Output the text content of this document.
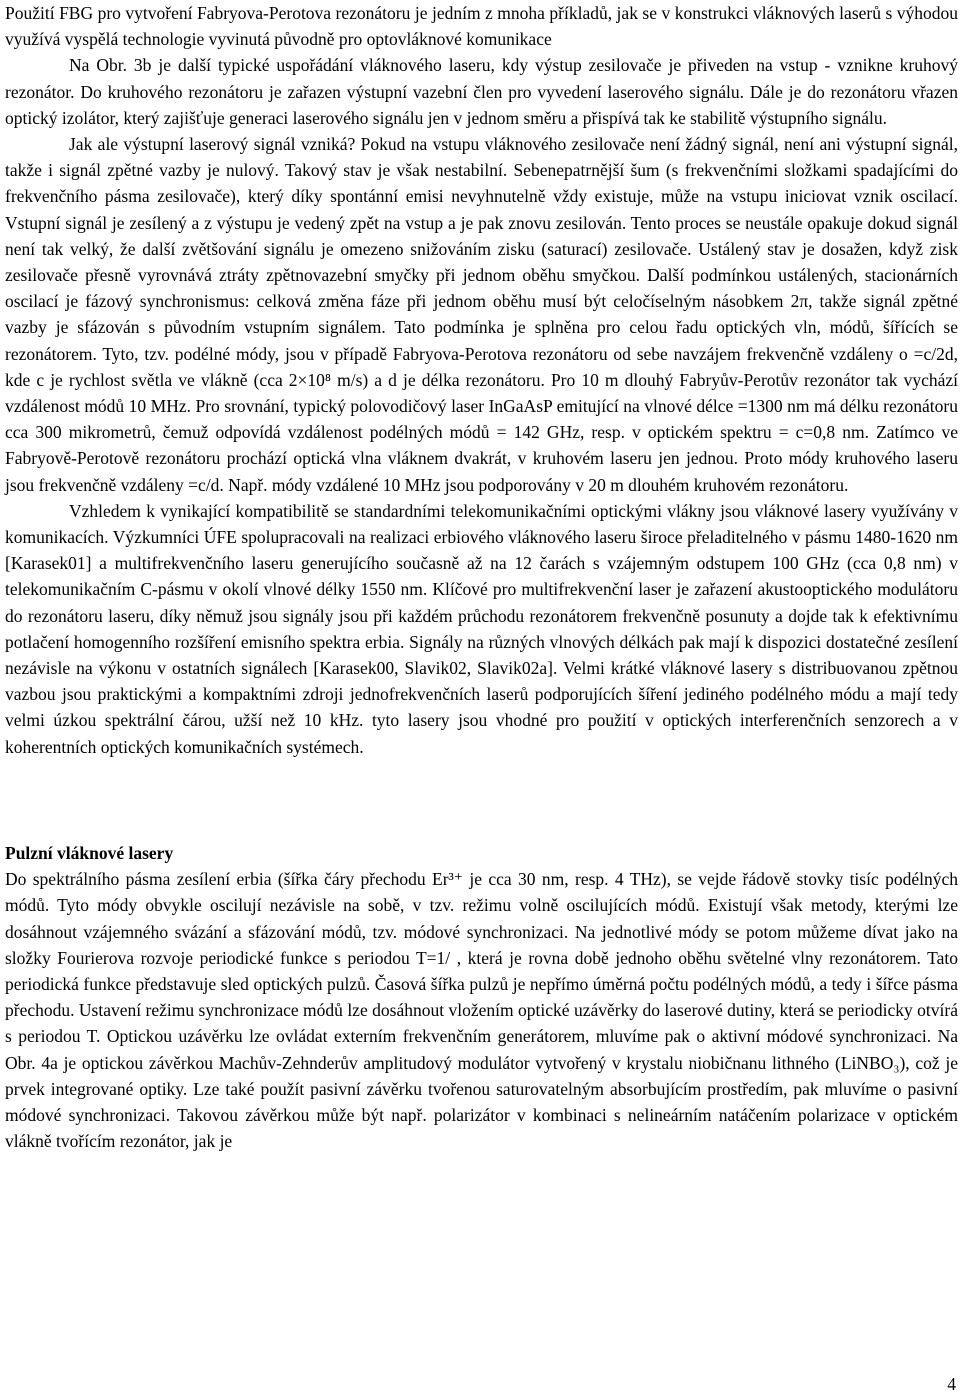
Použití FBG pro vytvoření Fabryova-Perotova rezonátoru je jedním z mnoha příkladů, jak se v konstrukci vláknových laserů s výhodou využívá vyspělá technologie vyvinutá původně pro optovláknové komunikace

Na Obr. 3b je další typické uspořádání vláknového laseru, kdy výstup zesilovače je přiveden na vstup - vznikne kruhový rezonátor. Do kruhového rezonátoru je zařazen výstupní vazební člen pro vyvedení laserového signálu. Dále je do rezonátoru vřazen optický izolátor, který zajišťuje generaci laserového signálu jen v jednom směru a přispívá tak ke stabilitě výstupního signálu.

Jak ale výstupní laserový signál vzniká? Pokud na vstupu vláknového zesilovače není žádný signál, není ani výstupní signál, takže i signál zpětné vazby je nulový. Takový stav je však nestabilní. Sebenepatrnější šum (s frekvenčními složkami spadajícími do frekvenčního pásma zesilovače), který díky spontánní emisi nevyhnutelně vždy existuje, může na vstupu iniciovat vznik oscilací. Vstupní signál je zesílený a z výstupu je vedený zpět na vstup a je pak znovu zesilován. Tento proces se neustále opakuje dokud signál není tak velký, že další zvětšování signálu je omezeno snižováním zisku (saturací) zesilovače. Ustálený stav je dosažen, když zisk zesilovače přesně vyrovnává ztráty zpětnovazební smyčky při jednom oběhu smyčkou. Další podmínkou ustálených, stacionárních oscilací je fázový synchronismus: celková změna fáze při jednom oběhu musí být celočíselným násobkem 2π, takže signál zpětné vazby je sfázován s původním vstupním signálem. Tato podmínka je splněna pro celou řadu optických vln, módů, šířících se rezonátorem. Tyto, tzv. podélné módy, jsou v případě Fabryova-Perotova rezonátoru od sebe navzájem frekvenčně vzdáleny o =c/2d, kde c je rychlost světla ve vlákně (cca 2×10⁸ m/s) a d je délka rezonátoru. Pro 10 m dlouhý Fabryův-Perotův rezonátor tak vychází vzdálenost módů 10 MHz. Pro srovnání, typický polovodičový laser InGaAsP emitující na vlnové délce =1300 nm má délku rezonátoru cca 300 mikrometrů, čemuž odpovídá vzdálenost podélných módů = 142 GHz, resp. v optickém spektru = c=0,8 nm. Zatímco ve Fabryově-Perotově rezonátoru prochází optická vlna vláknem dvakrát, v kruhovém laseru jen jednou. Proto módy kruhového laseru jsou frekvenčně vzdáleny =c/d. Např. módy vzdálené 10 MHz jsou podporovány v 20 m dlouhém kruhovém rezonátoru.

Vzhledem k vynikající kompatibilitě se standardními telekomunikačními optickými vlákny jsou vláknové lasery využívány v komunikacích. Výzkumníci ÚFE spolupracovali na realizaci erbiového vláknového laseru široce přeladitelného v pásmu 1480-1620 nm [Karasek01] a multifrekvenčního laseru generujícího současně až na 12 čarách s vzájemným odstupem 100 GHz (cca 0,8 nm) v telekomunikačním C-pásmu v okolí vlnové délky 1550 nm. Klíčové pro multifrekvenční laser je zařazení akustooptického modulátoru do rezonátoru laseru, díky němuž jsou signály jsou při každém průchodu rezonátorem frekvenčně posunuty a dojde tak k efektivnímu potlačení homogenního rozšíření emisního spektra erbia. Signály na různých vlnových délkách pak mají k dispozici dostatečné zesílení nezávisle na výkonu v ostatních signálech [Karasek00, Slavik02, Slavik02a]. Velmi krátké vláknové lasery s distribuovanou zpětnou vazbou jsou praktickými a kompaktními zdroji jednofrekvenčních laserů podporujících šíření jediného podélného módu a mají tedy velmi úzkou spektrální čárou, užší než 10 kHz. tyto lasery jsou vhodné pro použití v optických interferenčních senzorech a v koherentních optických komunikačních systémech.

Pulzní vláknové lasery

Do spektrálního pásma zesílení erbia (šířka čáry přechodu Er³⁺ je cca 30 nm, resp. 4 THz), se vejde řádově stovky tisíc podélných módů. Tyto módy obvykle oscilují nezávisle na sobě, v tzv. režimu volně oscilujících módů. Existují však metody, kterými lze dosáhnout vzájemného svázání a sfázování módů, tzv. módové synchronizaci. Na jednotlivé módy se potom můžeme dívat jako na složky Fourierova rozvoje periodické funkce s periodou T=1/ , která je rovna době jednoho oběhu světelné vlny rezonátorem. Tato periodická funkce představuje sled optických pulzů. Časová šířka pulzů je nepřímo úměrná počtu podélných módů, a tedy i šířce pásma přechodu. Ustavení režimu synchronizace módů lze dosáhnout vložením optické uzávěrky do laserové dutiny, která se periodicky otvírá s periodou T. Optickou uzávěrku lze ovládat externím frekvenčním generátorem, mluvíme pak o aktivní módové synchronizaci. Na Obr. 4a je optickou závěrkou Machův-Zehnderův amplitudový modulátor vytvořený v krystalu niobičnanu lithného (LiNBO₃), což je prvek integrované optiky. Lze také použít pasivní závěrku tvořenou saturovatelným absorbujícím prostředím, pak mluvíme o pasivní módové synchronizaci. Takovou závěrkou může být např. polarizátor v kombinaci s nelineárním natáčením polarizace v optickém vlákně tvořícím rezonátor, jak je

4
